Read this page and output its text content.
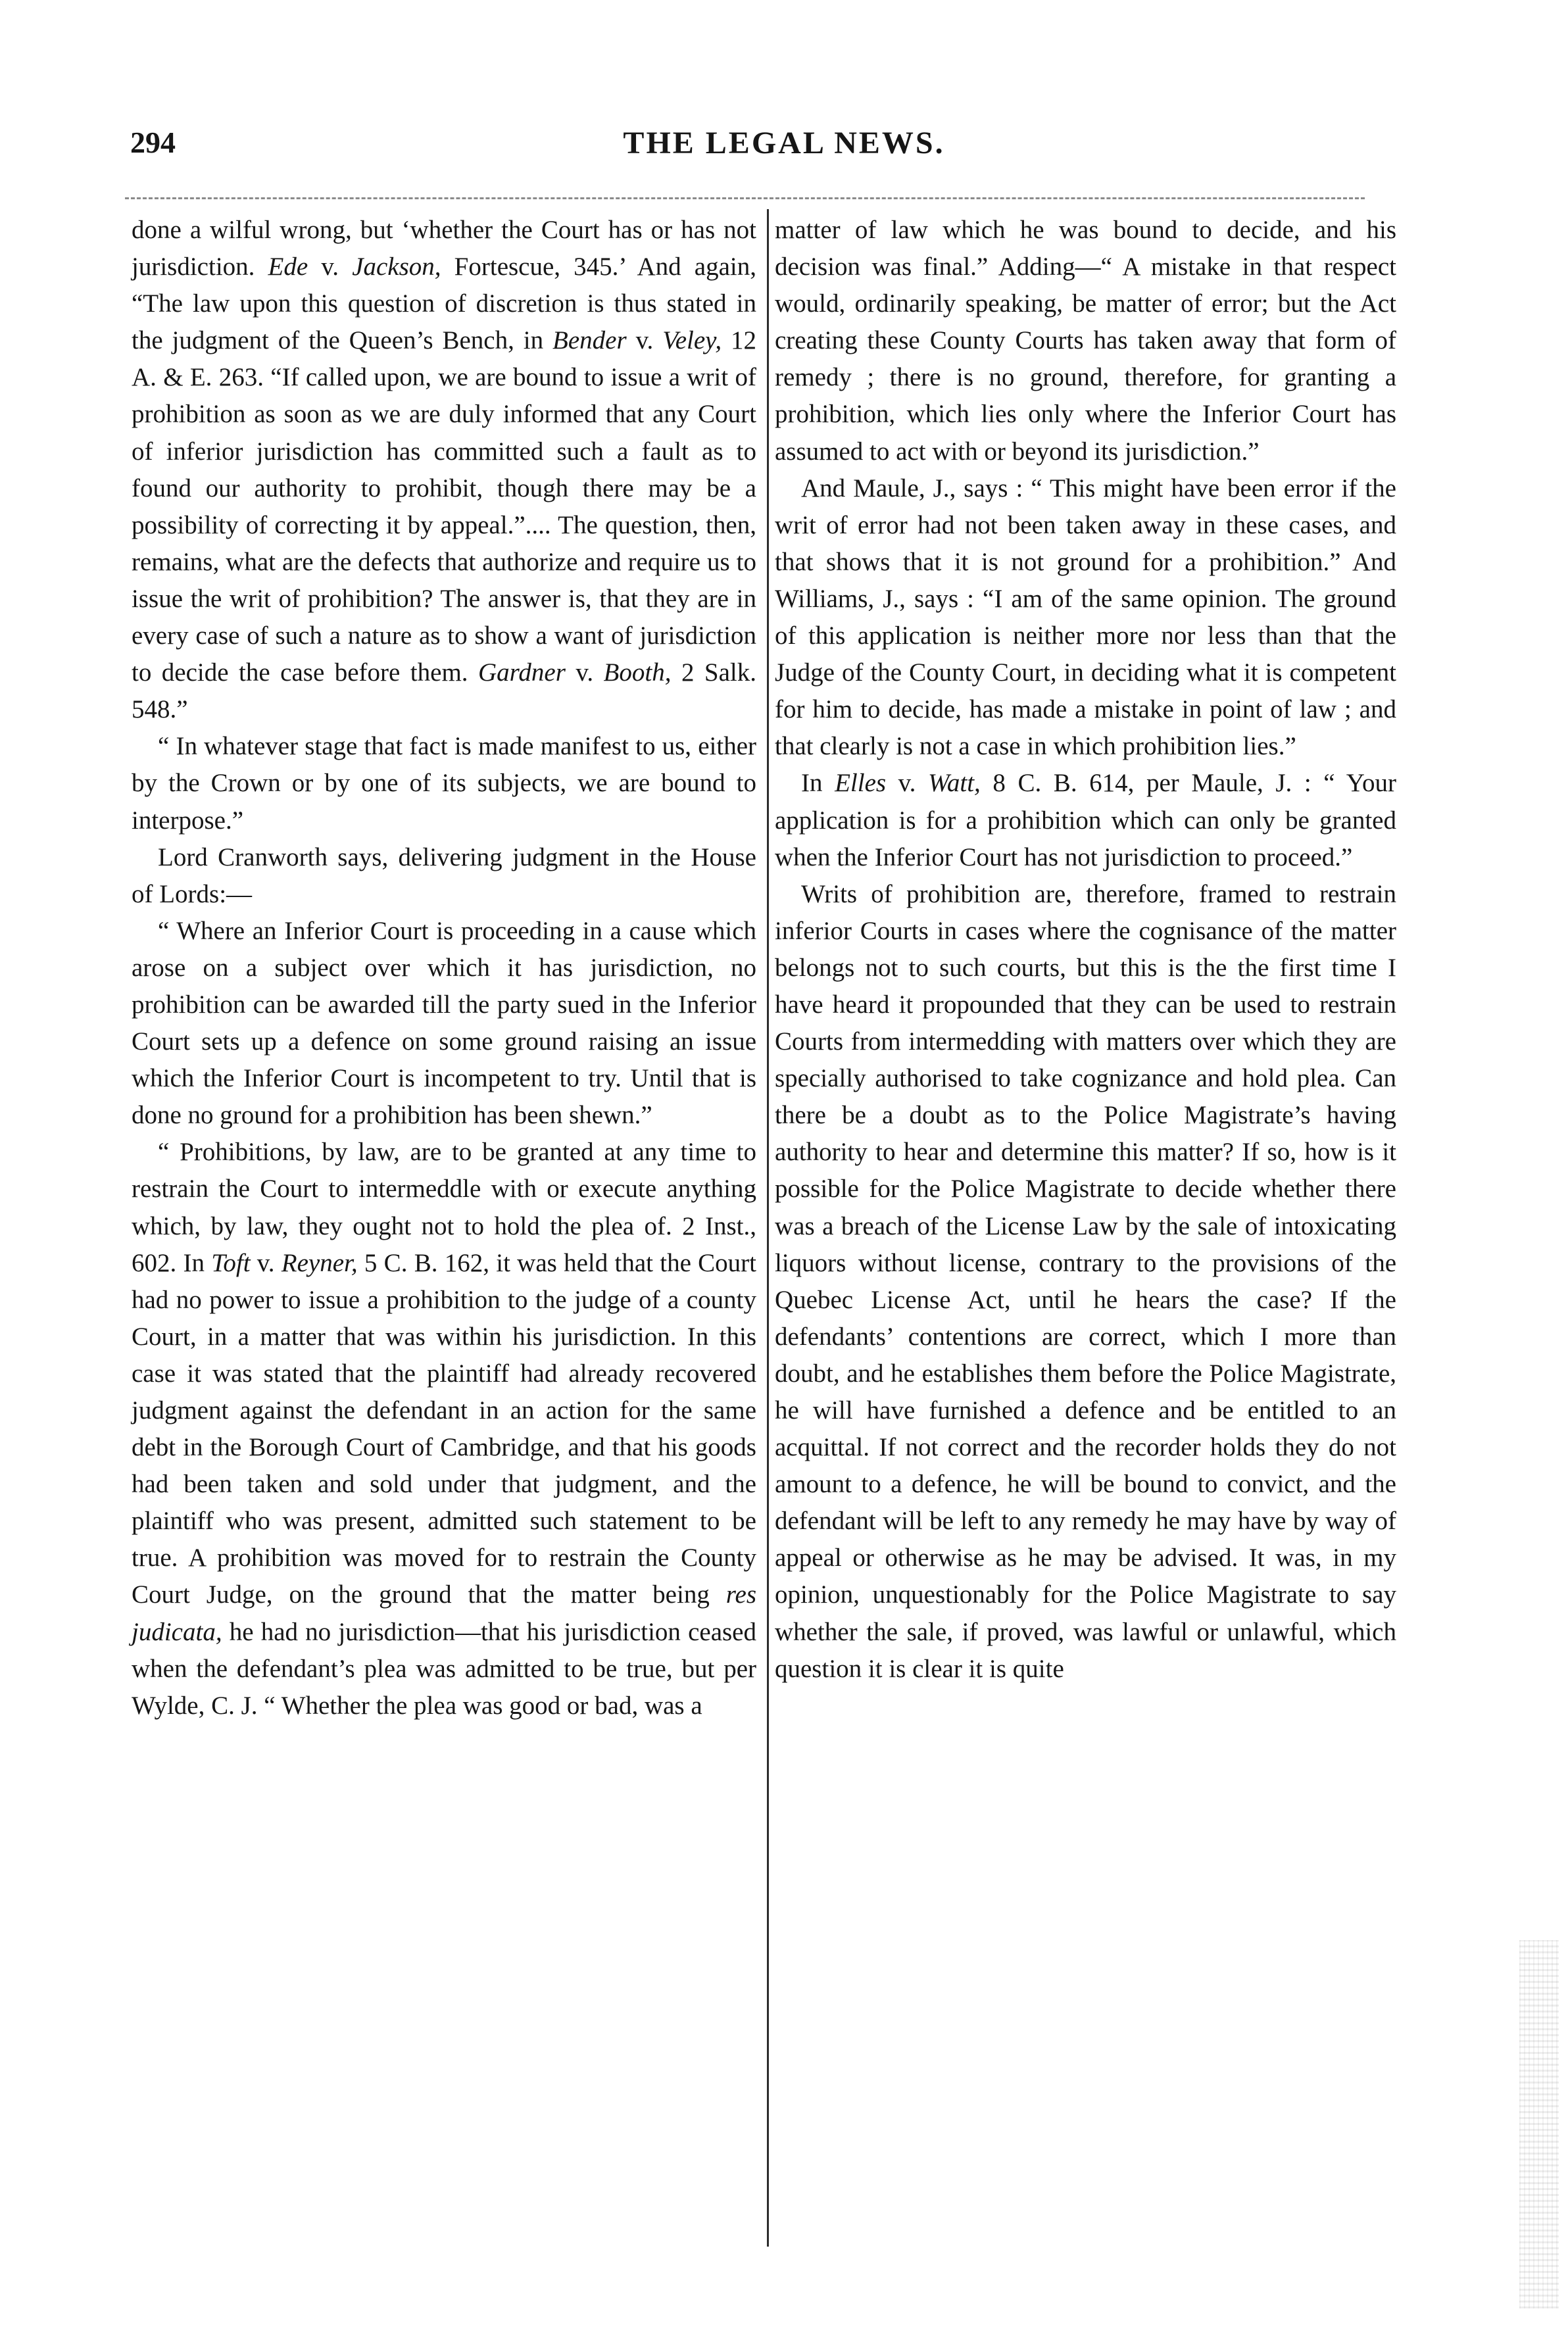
294	THE LEGAL NEWS.

done a wilful wrong, but ‘whether the Court has or has not jurisdiction. Ede v. Jackson, Fortescue, 345.’ And again, “The law upon this question of discretion is thus stated in the judgment of the Queen’s Bench, in Bender v. Veley, 12 A. & E. 263. “If called upon, we are bound to issue a writ of prohibition as soon as we are duly informed that any Court of inferior jurisdiction has committed such a fault as to found our authority to prohibit, though there may be a possibility of correcting it by appeal.”.... The question, then, remains, what are the defects that authorize and require us to issue the writ of prohibition? The answer is, that they are in every case of such a nature as to show a want of jurisdiction to decide the case before them. Gardner v. Booth, 2 Salk. 548.”

“ In whatever stage that fact is made manifest to us, either by the Crown or by one of its subjects, we are bound to interpose.”

Lord Cranworth says, delivering judgment in the House of Lords:—

“ Where an Inferior Court is proceeding in a cause which arose on a subject over which it has jurisdiction, no prohibition can be awarded till the party sued in the Inferior Court sets up a defence on some ground raising an issue which the Inferior Court is incompetent to try. Until that is done no ground for a prohibition has been shewn.”

“ Prohibitions, by law, are to be granted at any time to restrain the Court to intermeddle with or execute anything which, by law, they ought not to hold the plea of. 2 Inst., 602. In Toft v. Reyner, 5 C. B. 162, it was held that the Court had no power to issue a prohibition to the judge of a county Court, in a matter that was within his jurisdiction. In this case it was stated that the plaintiff had already recovered judgment against the defendant in an action for the same debt in the Borough Court of Cambridge, and that his goods had been taken and sold under that judgment, and the plaintiff who was present, admitted such statement to be true. A prohibition was moved for to restrain the County Court Judge, on the ground that the matter being res judicata, he had no jurisdiction—that his jurisdiction ceased when the defendant’s plea was admitted to be true, but per Wylde, C. J. “ Whether the plea was good or bad, was a

matter of law which he was bound to decide, and his decision was final.” Adding—“ A mistake in that respect would, ordinarily speaking, be matter of error; but the Act creating these County Courts has taken away that form of remedy ; there is no ground, therefore, for granting a prohibition, which lies only where the Inferior Court has assumed to act with or beyond its jurisdiction.”

And Maule, J., says : “ This might have been error if the writ of error had not been taken away in these cases, and that shows that it is not ground for a prohibition.” And Williams, J., says : “I am of the same opinion. The ground of this application is neither more nor less than that the Judge of the County Court, in deciding what it is competent for him to decide, has made a mistake in point of law ; and that clearly is not a case in which prohibition lies.”

In Elles v. Watt, 8 C. B. 614, per Maule, J. : “ Your application is for a prohibition which can only be granted when the Inferior Court has not jurisdiction to proceed.”

Writs of prohibition are, therefore, framed to restrain inferior Courts in cases where the cognisance of the matter belongs not to such courts, but this is the the first time I have heard it propounded that they can be used to restrain Courts from intermedding with matters over which they are specially authorised to take cognizance and hold plea. Can there be a doubt as to the Police Magistrate’s having authority to hear and determine this matter? If so, how is it possible for the Police Magistrate to decide whether there was a breach of the License Law by the sale of intoxicating liquors without license, contrary to the provisions of the Quebec License Act, until he hears the case? If the defendants’ contentions are correct, which I more than doubt, and he establishes them before the Police Magistrate, he will have furnished a defence and be entitled to an acquittal. If not correct and the recorder holds they do not amount to a defence, he will be bound to convict, and the defendant will be left to any remedy he may have by way of appeal or otherwise as he may be advised. It was, in my opinion, unquestionably for the Police Magistrate to say whether the sale, if proved, was lawful or unlawful, which question it is clear it is quite
